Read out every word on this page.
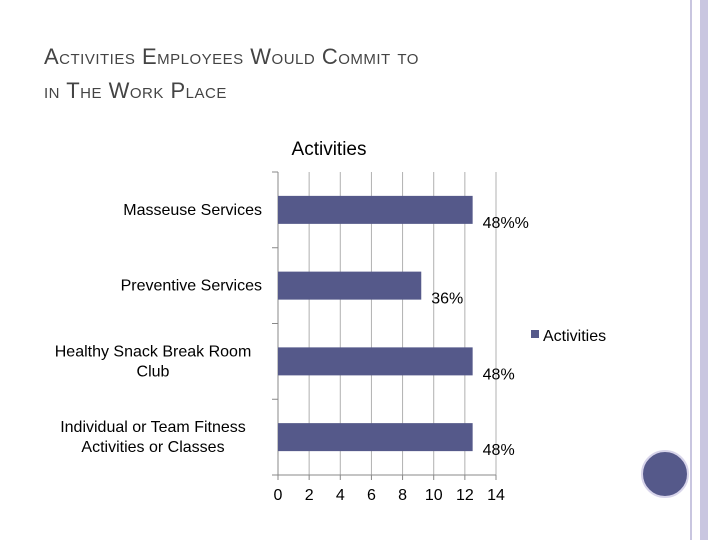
Activities Employees Would Commit to
in The Work Place
Activities
Masseuse Services
Preventive Services
Healthy Snack Break Room Club
Individual or Team Fitness Activities or Classes
48%%
36%
48%
48%
0 2 4 6 8 10 12 14
Activities
